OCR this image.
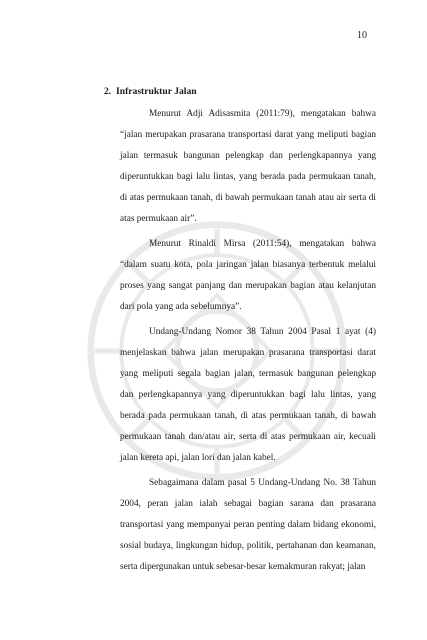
10
2. Infrastruktur Jalan

Menurut Adji Adisasmita (2011:79), mengatakan bahwa “jalan merupakan prasarana transportasi darat yang meliputi bagian jalan termasuk bangunan pelengkap dan perlengkapannya yang diperuntukkan bagi lalu lintas, yang berada pada permukaan tanah, di atas permukaan tanah, di bawah permukaan tanah atau air serta di atas permukaan air”.

Menurut Rinaldi Mirsa (2011:54), mengatakan bahwa “dalam suatu kota, pola jaringan jalan biasanya terbentuk melalui proses yang sangat panjang dan merupakan bagian atau kelanjutan dari pola yang ada sebelumnya”.

Undang-Undang Nomor 38 Tahun 2004 Pasal 1 ayat (4) menjelaskan bahwa jalan merupakan prasarana transportasi darat yang meliputi segala bagian jalan, termasuk bangunan pelengkap dan perlengkapannya yang diperuntukkan bagi lalu lintas, yang berada pada permukaan tanah, di atas permukaan tanah, di bawah permukaan tanah dan/atau air, serta di atas permukaan air, kecuali jalan kereta api, jalan lori dan jalan kabel.

Sebagaimana dalam pasal 5 Undang-Undang No. 38 Tahun 2004, peran jalan ialah sebagai bagian sarana dan prasarana transportasi yang mempunyai peran penting dalam bidang ekonomi, sosial budaya, lingkungan hidup, politik, pertahanan dan keamanan, serta dipergunakan untuk sebesar-besar kemakmuran rakyat; jalan
